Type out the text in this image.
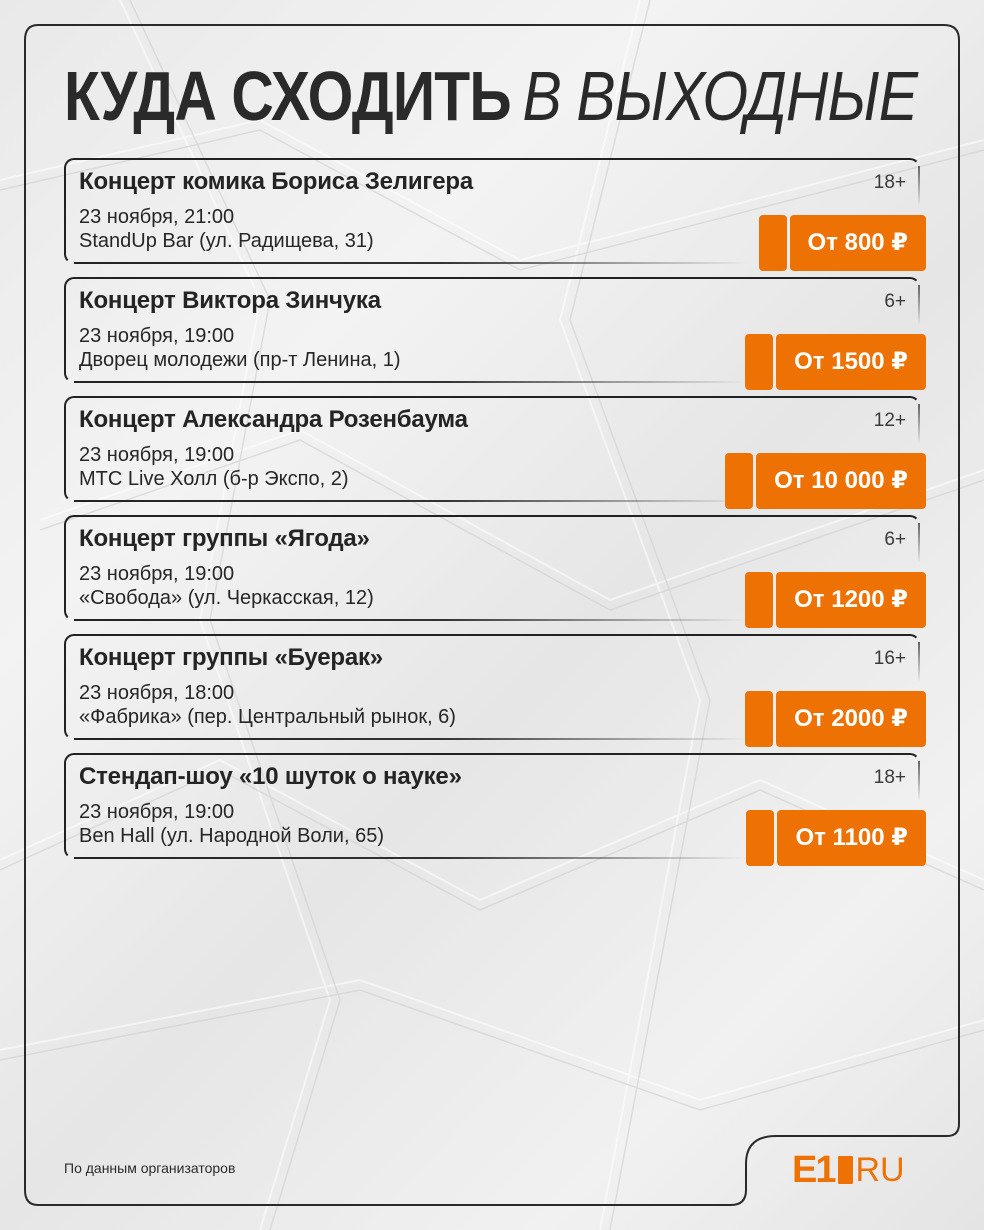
КУДА СХОДИТЬ В ВЫХОДНЫЕ
Концерт комика Бориса Зелигера	18+
23 ноября, 21:00
StandUp Bar (ул. Радищева, 31)	От 800 ₽
Концерт Виктора Зинчука	6+
23 ноября, 19:00
Дворец молодежи (пр-т Ленина, 1)	От 1500 ₽
Концерт Александра Розенбаума	12+
23 ноября, 19:00
МТС Live Холл (б-р Экспо, 2)	От 10 000 ₽
Концерт группы «Ягода»	6+
23 ноября, 19:00
«Свобода» (ул. Черкасская, 12)	От 1200 ₽
Концерт группы «Буерак»	16+
23 ноября, 18:00
«Фабрика» (пер. Центральный рынок, 6)	От 2000 ₽
Стендап-шоу «10 шуток о науке»	18+
23 ноября, 19:00
Ben Hall (ул. Народной Воли, 65)	От 1100 ₽
По данным организаторов	E1 RU
